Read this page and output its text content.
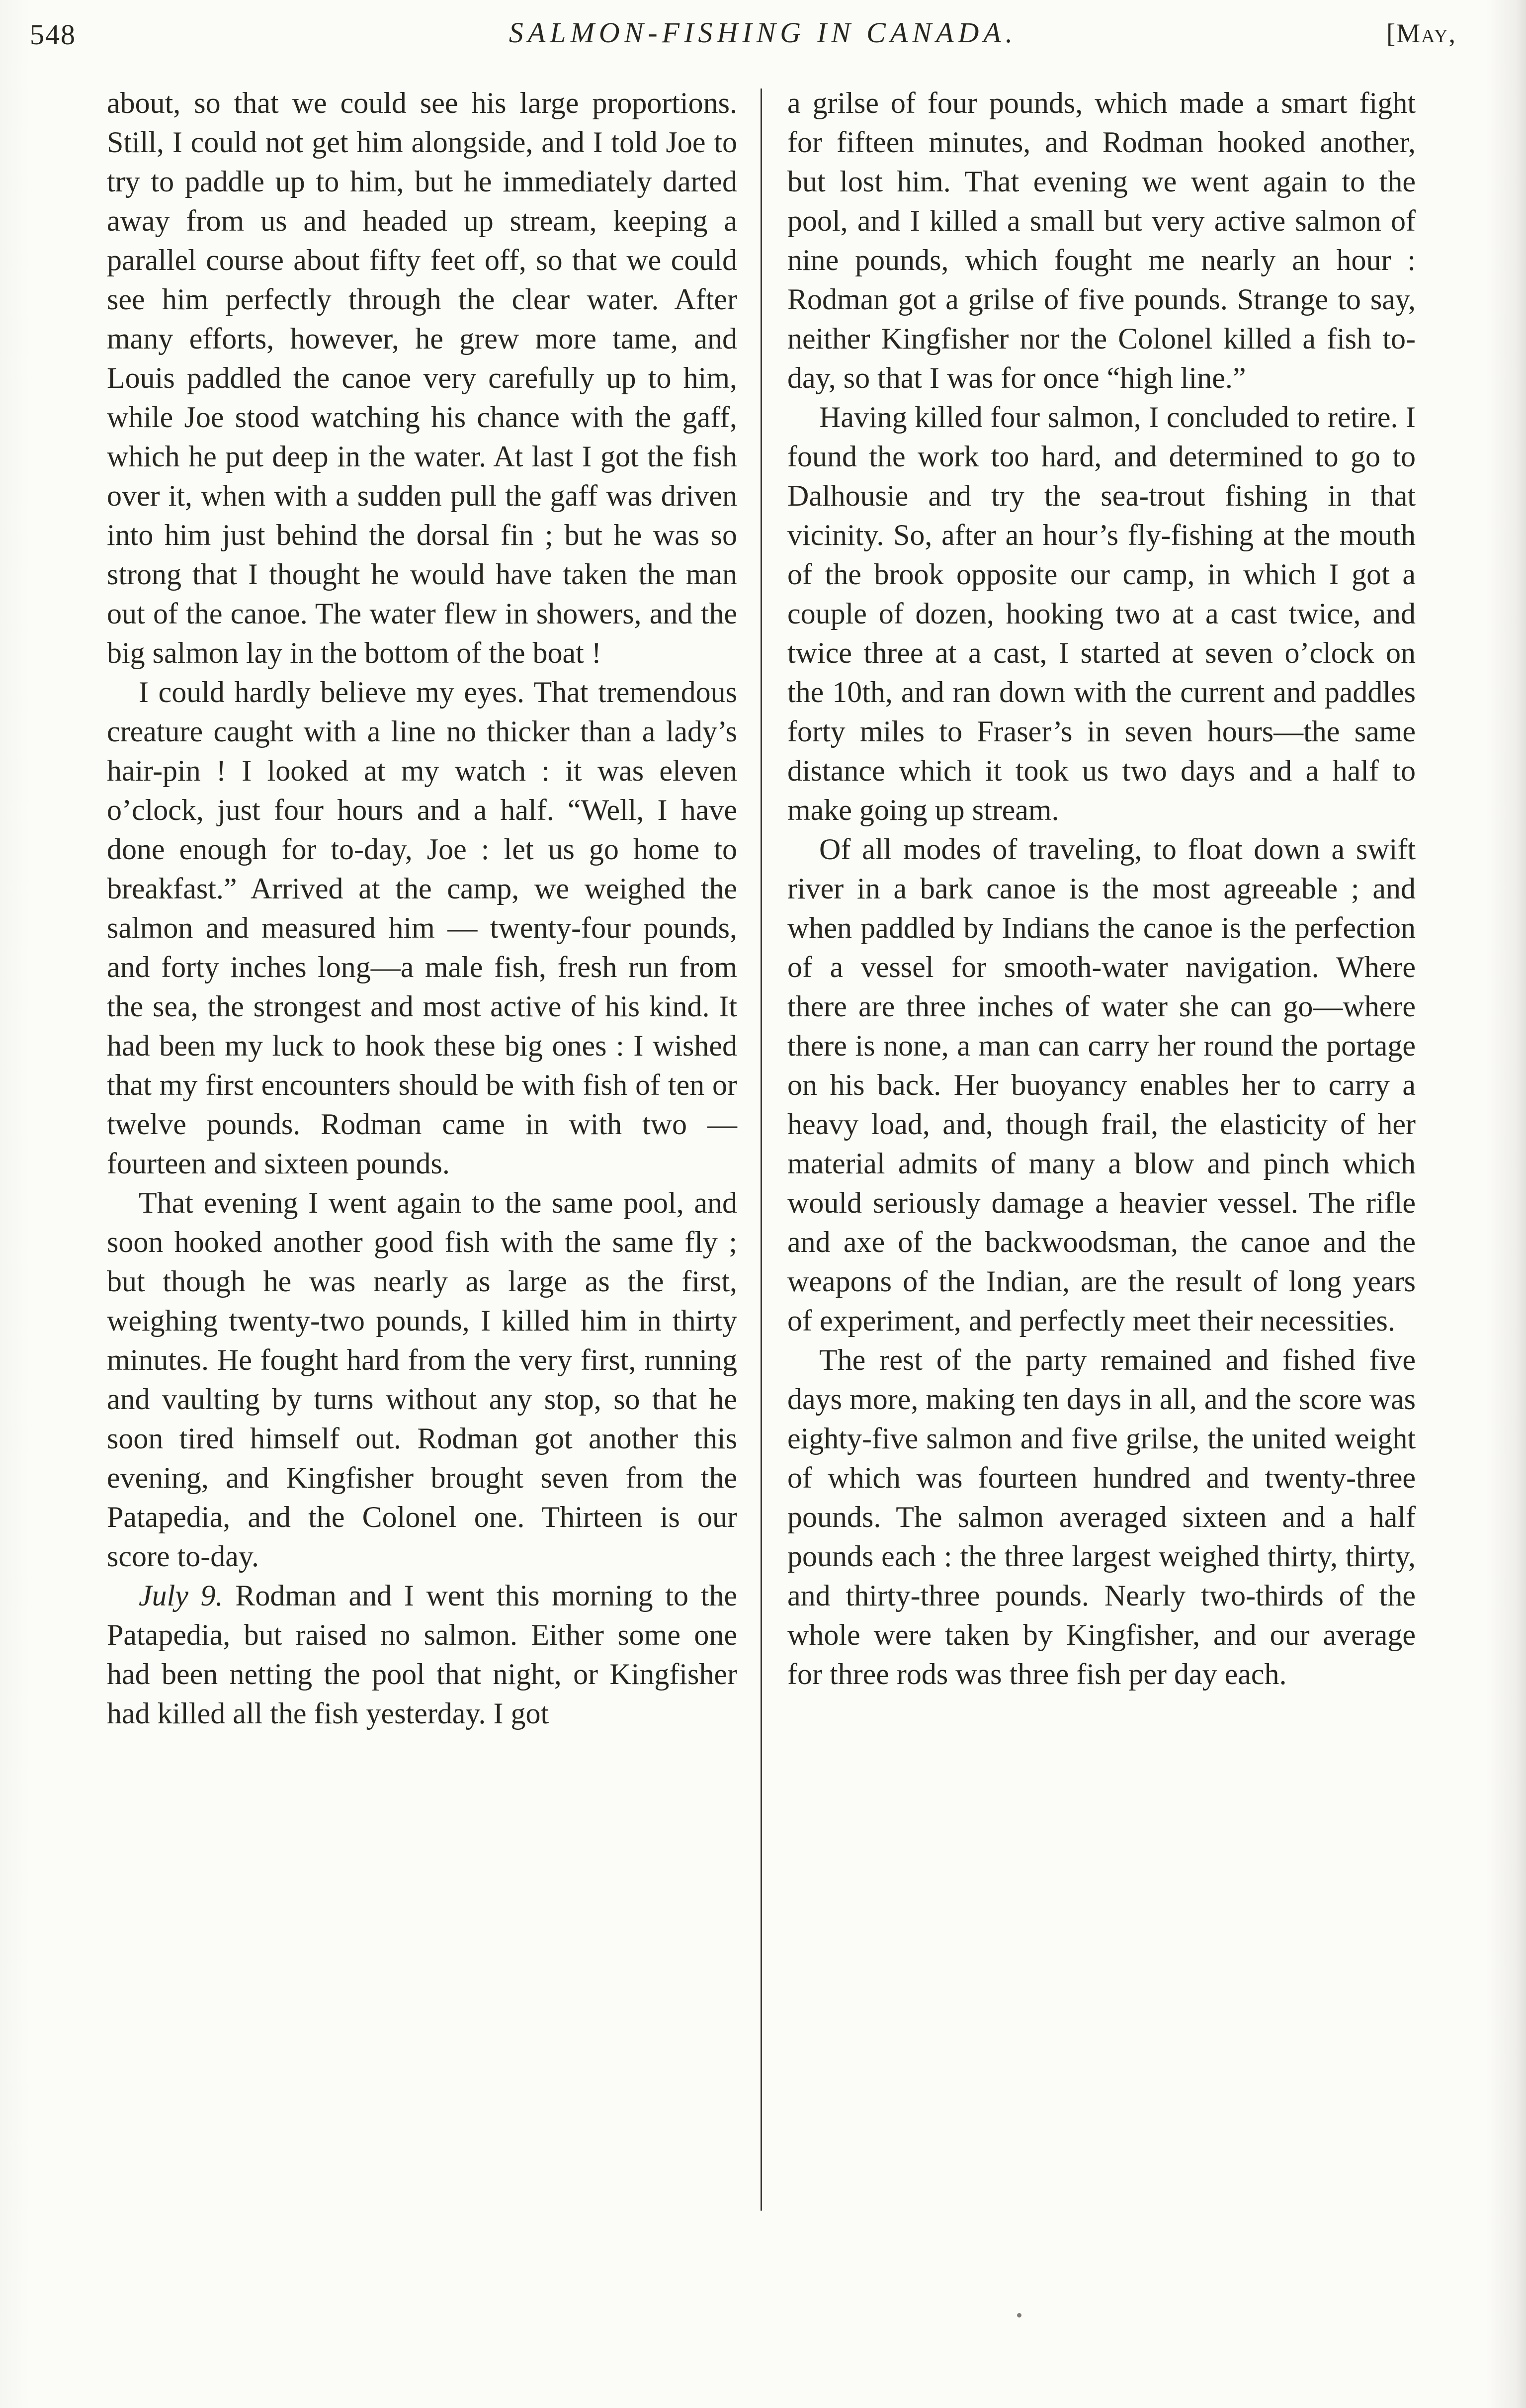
548	SALMON-FISHING IN CANADA.	[May,

about, so that we could see his large proportions. Still, I could not get him alongside, and I told Joe to try to paddle up to him, but he immediately darted away from us and headed up stream, keeping a parallel course about fifty feet off, so that we could see him perfectly through the clear water. After many efforts, however, he grew more tame, and Louis paddled the canoe very carefully up to him, while Joe stood watching his chance with the gaff, which he put deep in the water. At last I got the fish over it, when with a sudden pull the gaff was driven into him just behind the dorsal fin ; but he was so strong that I thought he would have taken the man out of the canoe. The water flew in showers, and the big salmon lay in the bottom of the boat !

I could hardly believe my eyes. That tremendous creature caught with a line no thicker than a lady’s hair-pin ! I looked at my watch : it was eleven o’clock, just four hours and a half. “Well, I have done enough for to-day, Joe : let us go home to breakfast.” Arrived at the camp, we weighed the salmon and measured him — twenty-four pounds, and forty inches long—a male fish, fresh run from the sea, the strongest and most active of his kind. It had been my luck to hook these big ones : I wished that my first encounters should be with fish of ten or twelve pounds. Rodman came in with two — fourteen and sixteen pounds.

That evening I went again to the same pool, and soon hooked another good fish with the same fly ; but though he was nearly as large as the first, weighing twenty-two pounds, I killed him in thirty minutes. He fought hard from the very first, running and vaulting by turns without any stop, so that he soon tired himself out. Rodman got another this evening, and Kingfisher brought seven from the Patapedia, and the Colonel one. Thirteen is our score to-day.

July 9. Rodman and I went this morning to the Patapedia, but raised no salmon. Either some one had been netting the pool that night, or Kingfisher had killed all the fish yesterday. I got

a grilse of four pounds, which made a smart fight for fifteen minutes, and Rodman hooked another, but lost him. That evening we went again to the pool, and I killed a small but very active salmon of nine pounds, which fought me nearly an hour : Rodman got a grilse of five pounds. Strange to say, neither Kingfisher nor the Colonel killed a fish to-day, so that I was for once “high line.”

Having killed four salmon, I concluded to retire. I found the work too hard, and determined to go to Dalhousie and try the sea-trout fishing in that vicinity. So, after an hour’s fly-fishing at the mouth of the brook opposite our camp, in which I got a couple of dozen, hooking two at a cast twice, and twice three at a cast, I started at seven o’clock on the 10th, and ran down with the current and paddles forty miles to Fraser’s in seven hours—the same distance which it took us two days and a half to make going up stream.

Of all modes of traveling, to float down a swift river in a bark canoe is the most agreeable ; and when paddled by Indians the canoe is the perfection of a vessel for smooth-water navigation. Where there are three inches of water she can go—where there is none, a man can carry her round the portage on his back. Her buoyancy enables her to carry a heavy load, and, though frail, the elasticity of her material admits of many a blow and pinch which would seriously damage a heavier vessel. The rifle and axe of the backwoodsman, the canoe and the weapons of the Indian, are the result of long years of experiment, and perfectly meet their necessities.

The rest of the party remained and fished five days more, making ten days in all, and the score was eighty-five salmon and five grilse, the united weight of which was fourteen hundred and twenty-three pounds. The salmon averaged sixteen and a half pounds each : the three largest weighed thirty, thirty, and thirty-three pounds. Nearly two-thirds of the whole were taken by Kingfisher, and our average for three rods was three fish per day each.
